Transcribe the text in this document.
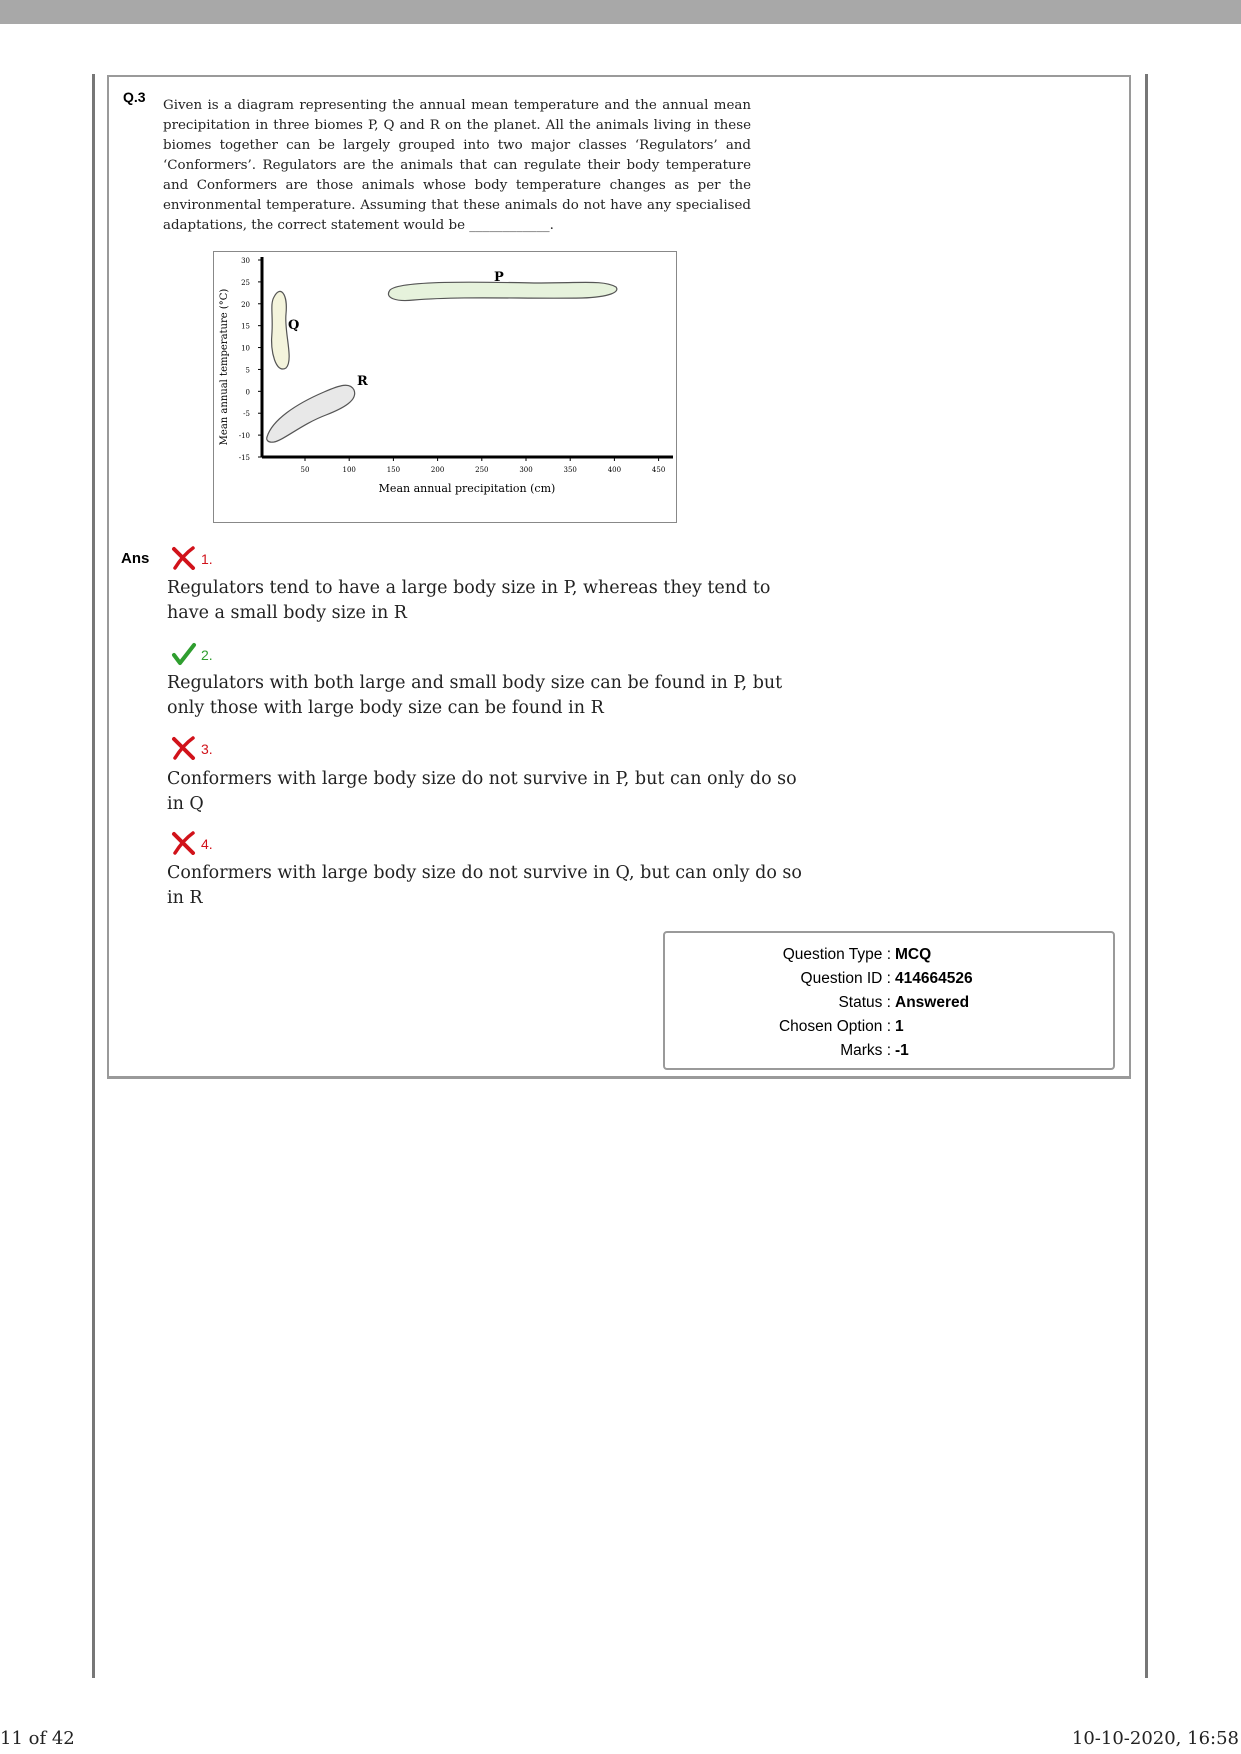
Q.3
Given is a diagram representing the annual mean temperature and the annual mean precipitation in three biomes P, Q and R on the planet. All the animals living in these biomes together can be largely grouped into two major classes ‘Regulators’ and ‘Conformers’. Regulators are the animals that can regulate their body temperature and Conformers are those animals whose body temperature changes as per the environmental temperature. Assuming that these animals do not have any specialised adaptations, the correct statement would be ____________.
30
25
20
15
10
5
0
-5
-10
-15
50	100	150	200	250	300	350	400	450
P
Q
R
Mean annual precipitation (cm)
Mean annual temperature (°C)
Ans	1.
Regulators tend to have a large body size in P, whereas they tend to have a small body size in R
2.
Regulators with both large and small body size can be found in P, but only those with large body size can be found in R
3.
Conformers with large body size do not survive in P, but can only do so in Q
4.
Conformers with large body size do not survive in Q, but can only do so in R
Question Type : MCQ
Question ID : 414664526
Status : Answered
Chosen Option : 1
Marks : -1
11 of 42	10-10-2020, 16:58
